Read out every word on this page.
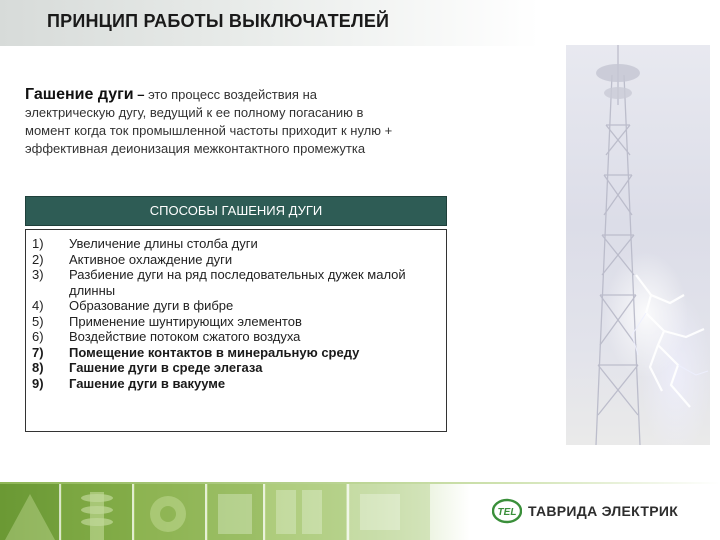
ПРИНЦИП РАБОТЫ ВЫКЛЮЧАТЕЛЕЙ
Гашение дуги – это процесс воздействия на
электрическую дугу, ведущий к ее полному погасанию в
момент когда ток промышленной частоты приходит к нулю +
эффективная деионизация межконтактного промежутка
СПОСОБЫ ГАШЕНИЯ ДУГИ
1)	Увеличение длины столба дуги
2)	Активное охлаждение дуги
3)	Разбиение дуги на ряд последовательных дужек малой длинны
4)	Образование дуги в фибре
5)	Применение шунтирующих элементов
6)	Воздействие потоком сжатого воздуха
7)	Помещение контактов в минеральную среду
8)	Гашение дуги в среде элегаза
9)	Гашение дуги в вакууме
TEL ТАВРИДА ЭЛЕКТРИК
